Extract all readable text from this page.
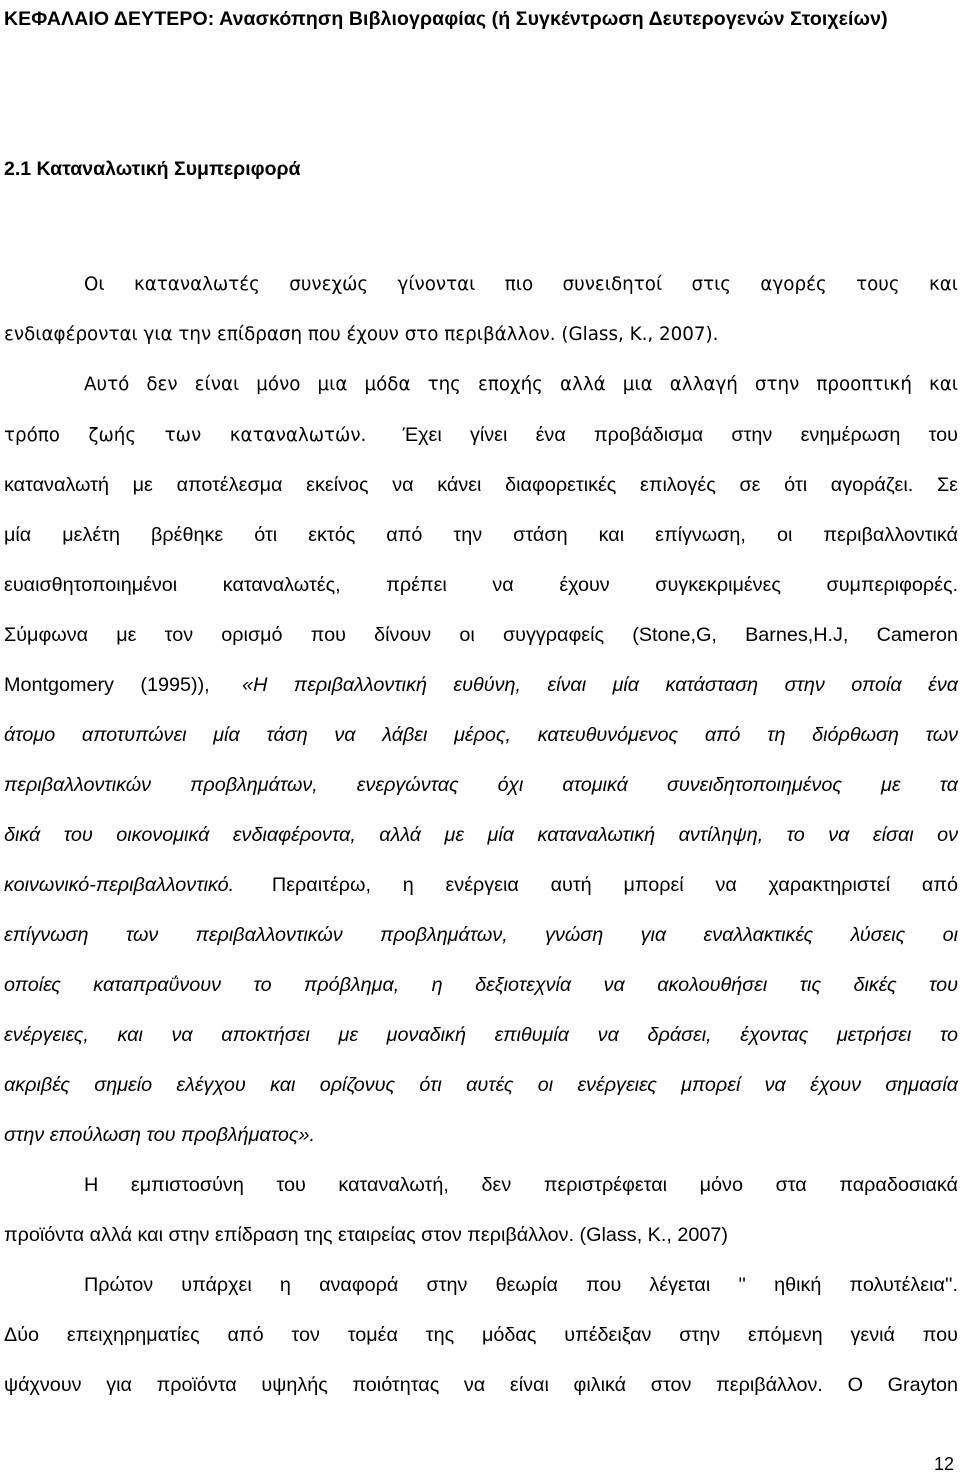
ΚΕΦΑΛΑΙΟ ΔΕΥΤΕΡΟ: Ανασκόπηση Βιβλιογραφίας (ή Συγκέντρωση Δευτερογενών Στοιχείων)
2.1 Καταναλωτική Συμπεριφορά
Οι καταναλωτές συνεχώς γίνονται πιο συνειδητοί στις αγορές τους και
ενδιαφέρονται για την επίδραση που έχουν στο περιβάλλον. (Glass, K., 2007).
Αυτό δεν είναι μόνο μια μόδα της εποχής αλλά μια αλλαγή στην προοπτική και
τρόπο ζωής των καταναλωτών. Έχει γίνει ένα προβάδισμα στην ενημέρωση του
καταναλωτή με αποτέλεσμα εκείνος να κάνει διαφορετικές επιλογές σε ότι αγοράζει. Σε
μία μελέτη βρέθηκε ότι εκτός από την στάση και επίγνωση, οι περιβαλλοντικά
ευαισθητοποιημένοι καταναλωτές, πρέπει να έχουν συγκεκριμένες συμπεριφορές.
Σύμφωνα με τον ορισμό που δίνουν οι συγγραφείς (Stone,G, Barnes,H.J, Cameron
Montgomery (1995)), «Η περιβαλλοντική ευθύνη, είναι μία κατάσταση στην οποία ένα
άτομο αποτυπώνει μία τάση να λάβει μέρος, κατευθυνόμενος από τη διόρθωση των
περιβαλλοντικών προβλημάτων, ενεργώντας όχι ατομικά συνειδητοποιημένος με τα
δικά του οικονομικά ενδιαφέροντα, αλλά με μία καταναλωτική αντίληψη, το να είσαι ον
κοινωνικό-περιβαλλοντικό. Περαιτέρω, η ενέργεια αυτή μπορεί να χαρακτηριστεί από
επίγνωση των περιβαλλοντικών προβλημάτων, γνώση για εναλλακτικές λύσεις οι
οποίες καταπραΰνουν το πρόβλημα, η δεξιοτεχνία να ακολουθήσει τις δικές του
ενέργειες, και να αποκτήσει με μοναδική επιθυμία να δράσει, έχοντας μετρήσει το
ακριβές σημείο ελέγχου και ορίζονυς ότι αυτές οι ενέργειες μπορεί να έχουν σημασία
στην επούλωση του προβλήματος».
Η εμπιστοσύνη του καταναλωτή, δεν περιστρέφεται μόνο στα παραδοσιακά
προϊόντα αλλά και στην επίδραση της εταιρείας στον περιβάλλον. (Glass, K., 2007)
Πρώτον υπάρχει η αναφορά στην θεωρία που λέγεται '' ηθική πολυτέλεια''.
Δύο επειχηρηματίες από τον τομέα της μόδας υπέδειξαν στην επόμενη γενιά που
ψάχνουν για προϊόντα υψηλής ποιότητας να είναι φιλικά στον περιβάλλον. Ο Grayton
12
